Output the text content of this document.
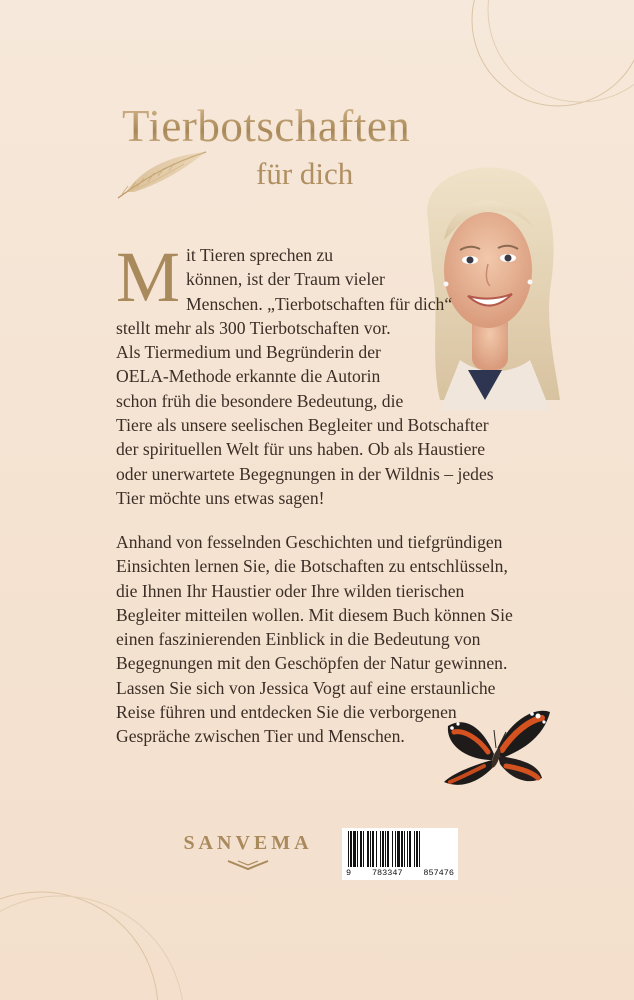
Tierbotschaften
für dich
M it Tieren sprechen zu
können, ist der Traum vieler
Menschen. „Tierbotschaften für dich“
stellt mehr als 300 Tierbotschaften vor.
Als Tiermedium und Begründerin der
OELA-Methode erkannte die Autorin
schon früh die besondere Bedeutung, die
Tiere als unsere seelischen Begleiter und Botschafter
der spirituellen Welt für uns haben. Ob als Haustiere
oder unerwartete Begegnungen in der Wildnis – jedes
Tier möchte uns etwas sagen!
Anhand von fesselnden Geschichten und tiefgründigen
Einsichten lernen Sie, die Botschaften zu entschlüsseln,
die Ihnen Ihr Haustier oder Ihre wilden tierischen
Begleiter mitteilen wollen. Mit diesem Buch können Sie
einen faszinierenden Einblick in die Bedeutung von
Begegnungen mit den Geschöpfen der Natur gewinnen.
Lassen Sie sich von Jessica Vogt auf eine erstaunliche
Reise führen und entdecken Sie die verborgenen
Gespräche zwischen Tier und Menschen.
SANVEMA
9 783347 857476
